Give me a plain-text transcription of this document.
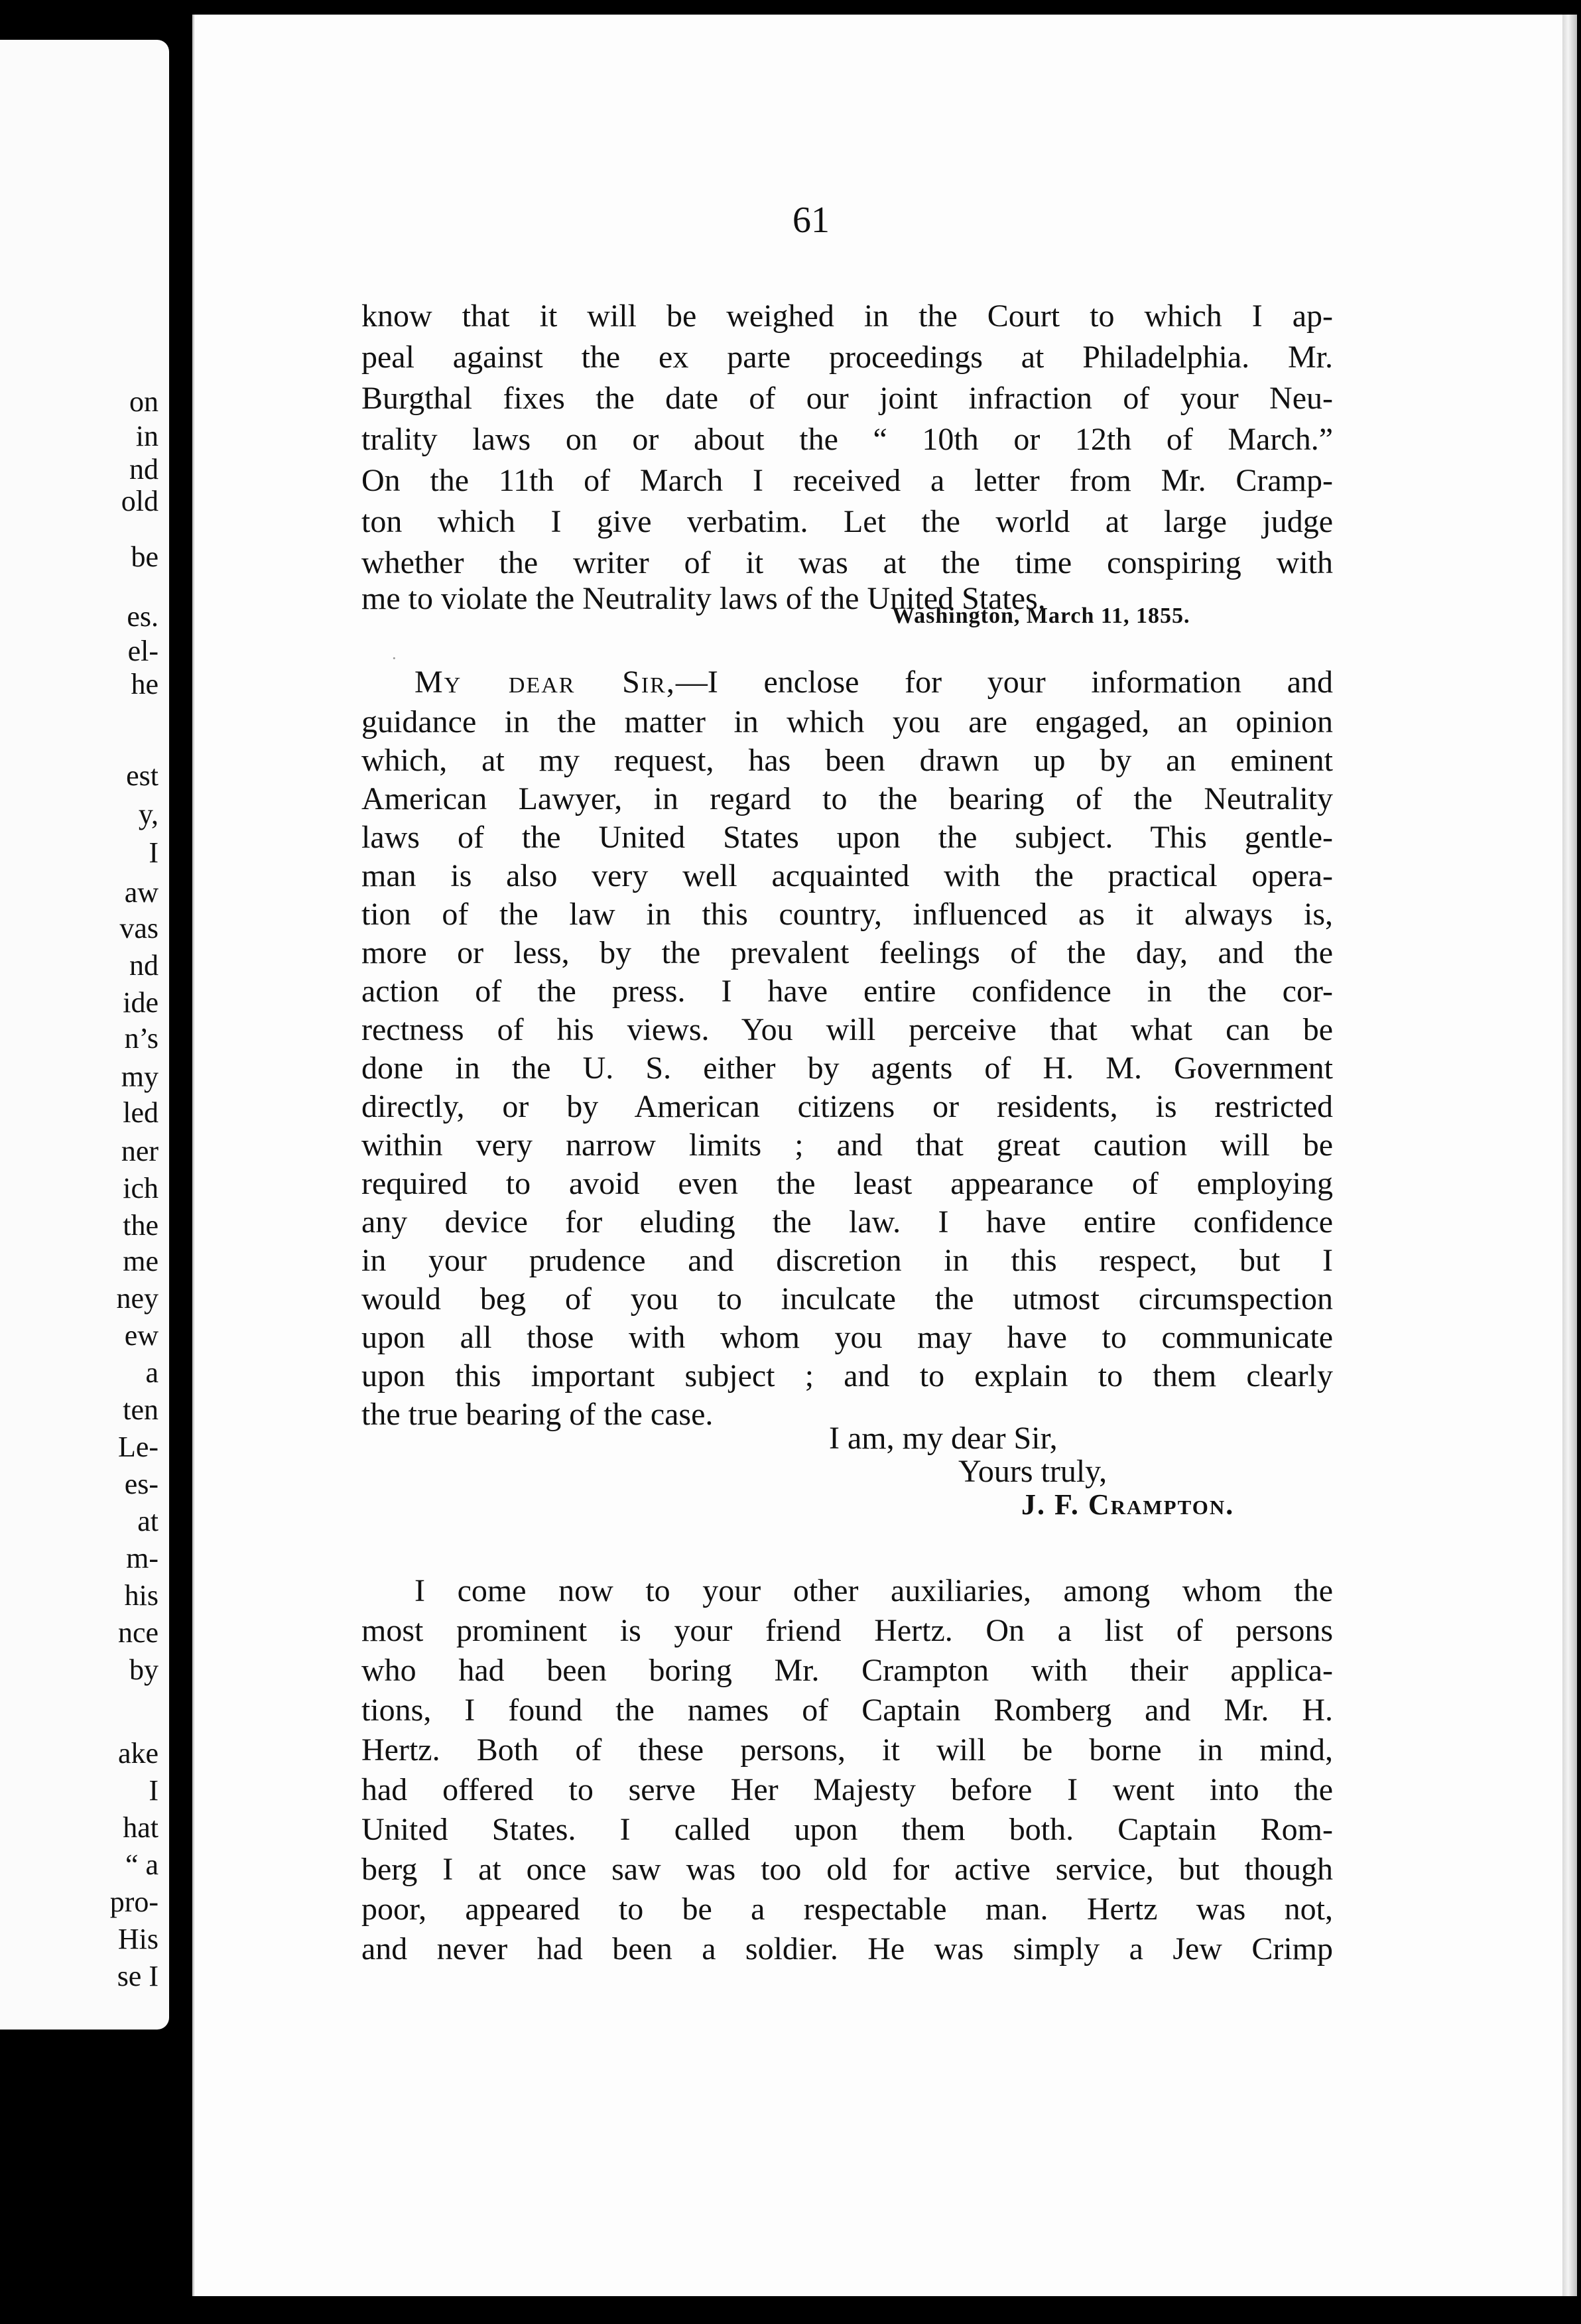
on
in
nd
old
be
es.
el-
he
est
y,
I
aw
vas
nd
ide
n’s
my
led
ner
ich
the
me
ney
ew
a
ten
Le-
es-
at
m-
his
nce
by
ake
I
hat
“ a
pro-
His
se I
61
know that it will be weighed in the Court to which I ap-
peal against the ex parte proceedings at Philadelphia. Mr.
Burgthal fixes the date of our joint infraction of your Neu-
trality laws on or about the “ 10th or 12th of March.”
On the 11th of March I received a letter from Mr. Cramp-
ton which I give verbatim. Let the world at large judge
whether the writer of it was at the time conspiring with
me to violate the Neutrality laws of the United States.
Washington, March 11, 1855.
·
My dear Sir,—I enclose for your information and
guidance in the matter in which you are engaged, an opinion
which, at my request, has been drawn up by an eminent
American Lawyer, in regard to the bearing of the Neutrality
laws of the United States upon the subject. This gentle-
man is also very well acquainted with the practical opera-
tion of the law in this country, influenced as it always is,
more or less, by the prevalent feelings of the day, and the
action of the press. I have entire confidence in the cor-
rectness of his views. You will perceive that what can be
done in the U. S. either by agents of H. M. Government
directly, or by American citizens or residents, is restricted
within very narrow limits ; and that great caution will be
required to avoid even the least appearance of employing
any device for eluding the law. I have entire confidence
in your prudence and discretion in this respect, but I
would beg of you to inculcate the utmost circumspection
upon all those with whom you may have to communicate
upon this important subject ; and to explain to them clearly
the true bearing of the case.
I am, my dear Sir,
Yours truly,
J. F. Crampton.
I come now to your other auxiliaries, among whom the
most prominent is your friend Hertz. On a list of persons
who had been boring Mr. Crampton with their applica-
tions, I found the names of Captain Romberg and Mr. H.
Hertz. Both of these persons, it will be borne in mind,
had offered to serve Her Majesty before I went into the
United States. I called upon them both. Captain Rom-
berg I at once saw was too old for active service, but though
poor, appeared to be a respectable man. Hertz was not,
and never had been a soldier. He was simply a Jew Crimp
